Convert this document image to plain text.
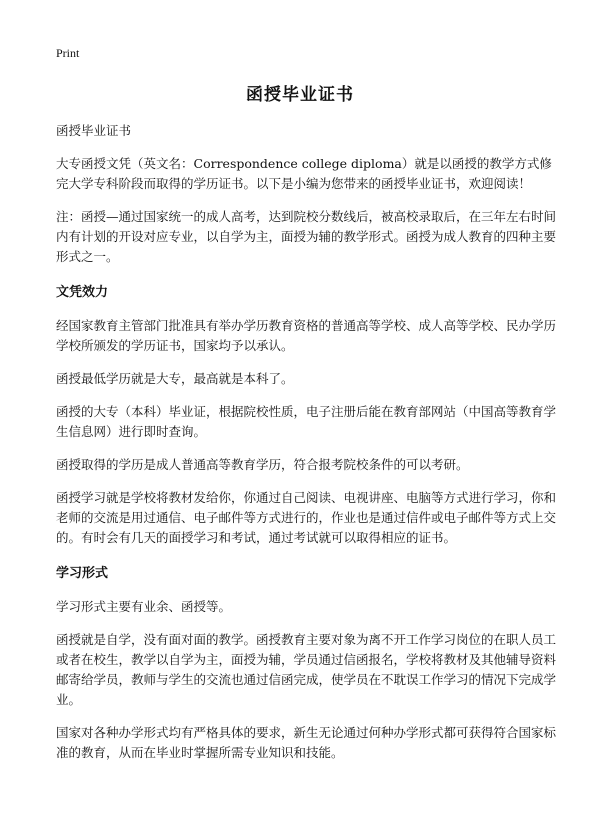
Print
函授毕业证书

函授毕业证书

大专函授文凭（英文名：Correspondence college diploma）就是以函授的教学方式修完大学专科阶段而取得的学历证书。以下是小编为您带来的函授毕业证书，欢迎阅读！

注：函授—通过国家统一的成人高考，达到院校分数线后，被高校录取后，在三年左右时间内有计划的开设对应专业，以自学为主，面授为辅的教学形式。函授为成人教育的四种主要形式之一。

文凭效力

经国家教育主管部门批准具有举办学历教育资格的普通高等学校、成人高等学校、民办学历学校所颁发的学历证书，国家均予以承认。

函授最低学历就是大专，最高就是本科了。

函授的大专（本科）毕业证，根据院校性质，电子注册后能在教育部网站（中国高等教育学生信息网）进行即时查询。

函授取得的学历是成人普通高等教育学历，符合报考院校条件的可以考研。

函授学习就是学校将教材发给你，你通过自己阅读、电视讲座、电脑等方式进行学习，你和老师的交流是用过通信、电子邮件等方式进行的，作业也是通过信件或电子邮件等方式上交的。有时会有几天的面授学习和考试，通过考试就可以取得相应的证书。

学习形式

学习形式主要有业余、函授等。

函授就是自学，没有面对面的教学。函授教育主要对象为离不开工作学习岗位的在职人员工或者在校生，教学以自学为主，面授为辅，学员通过信函报名，学校将教材及其他辅导资料邮寄给学员，教师与学生的交流也通过信函完成，使学员在不耽误工作学习的情况下完成学业。

国家对各种办学形式均有严格具体的要求，新生无论通过何种办学形式都可获得符合国家标准的教育，从而在毕业时掌握所需专业知识和技能。
